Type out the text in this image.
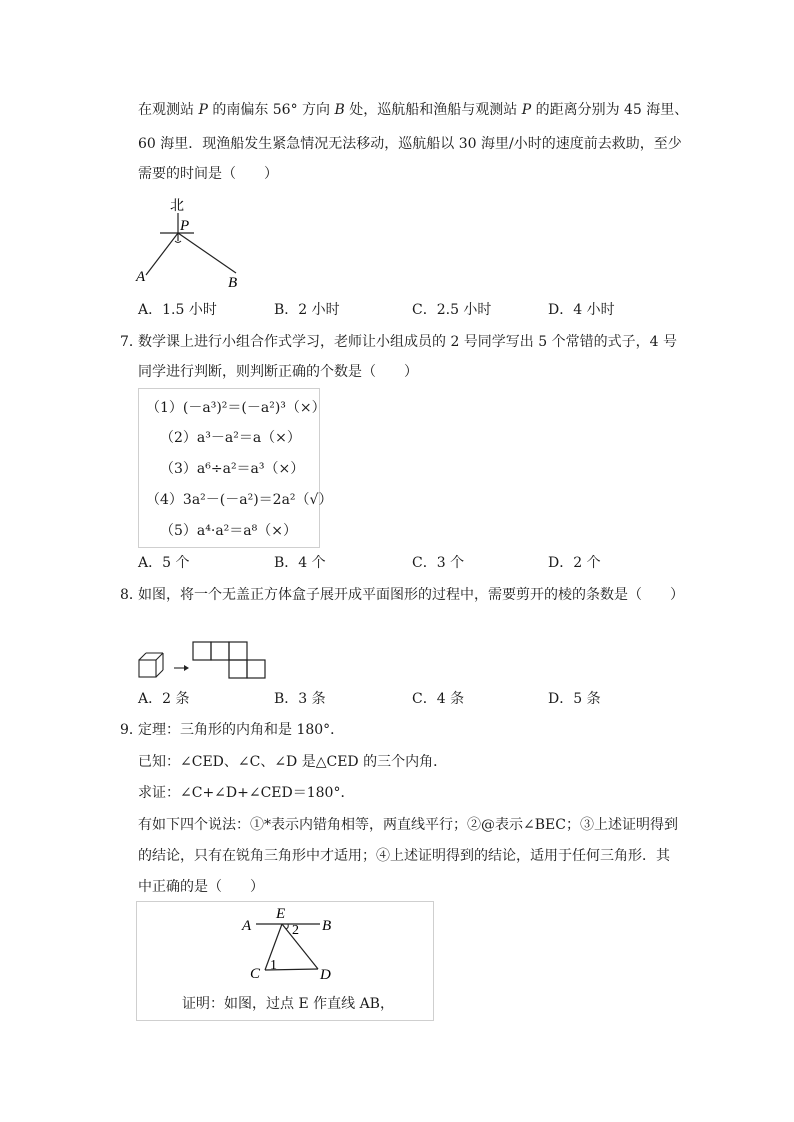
在观测站 P 的南偏东 56° 方向 B 处，巡航船和渔船与观测站 P 的距离分别为 45 海里、
60 海里．现渔船发生紧急情况无法移动，巡航船以 30 海里/小时的速度前去救助，至少
需要的时间是（　　）
北
P
A	B
A．1.5 小时	B．2 小时	C．2.5 小时	D．4 小时
7．
数学课上进行小组合作式学习，老师让小组成员的 2 号同学写出 5 个常错的式子，4 号
同学进行判断，则判断正确的个数是（　　）
（1）(－a³)²＝(－a²)³（×）
（2）a³－a²＝a（×）
（3）a⁶÷a²＝a³（×）
（4）3a²－(－a²)＝2a²（√）
（5）a⁴·a²＝a⁸（×）
A．5 个	B．4 个	C．3 个	D．2 个
8．
如图，将一个无盖正方体盒子展开成平面图形的过程中，需要剪开的棱的条数是（　　）
A．2 条	B．3 条	C．4 条	D．5 条
9．
定理：三角形的内角和是 180°．
已知：∠CED、∠C、∠D 是△CED 的三个内角．
求证：∠C+∠D+∠CED＝180°．
有如下四个说法：①*表示内错角相等，两直线平行；②@表示∠BEC；③上述证明得到
的结论，只有在锐角三角形中才适用；④上述证明得到的结论，适用于任何三角形．其
中正确的是（　　）
A
E
B
2
1
C	D
证明：如图，过点 E 作直线 AB，
